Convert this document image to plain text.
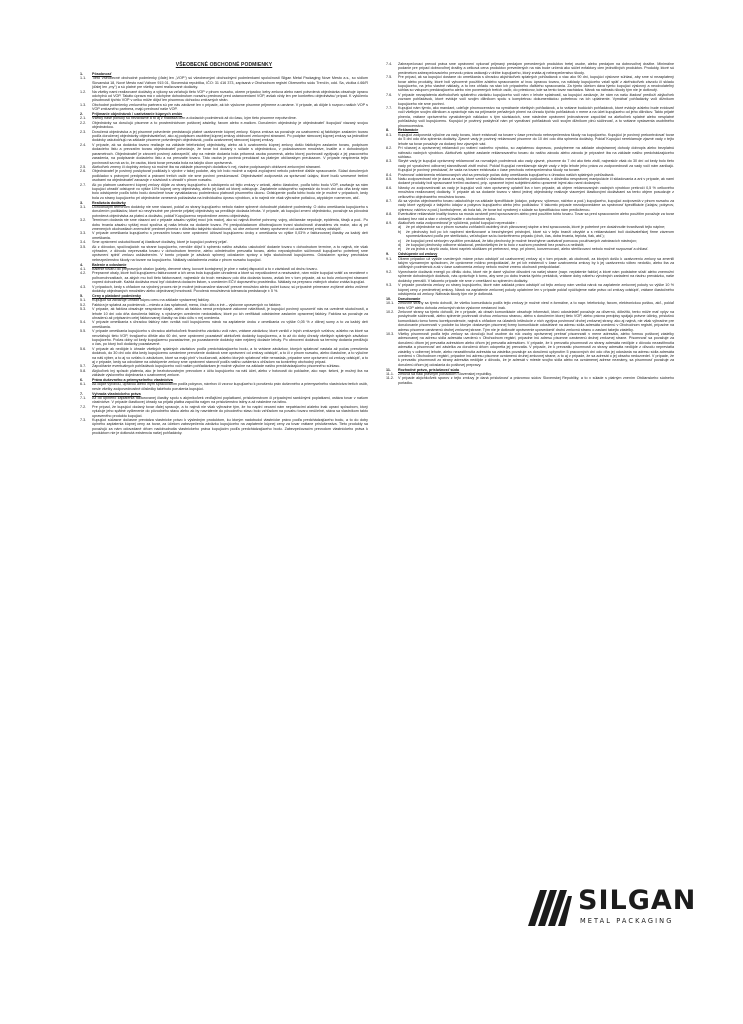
VŠEOBECNÉ OBCHODNÉ PODMIENKY
1.	Pôsobnosť
1.1.	Tieto Všeobecné obchodné podmienky (ďalej len „VOP“) sú všeobecnými obchodnými podmienkami spoločnosti Silgan Metal Packaging Nove Mesto a.s., so sídlom Slovanská 18, Nové Mesto nad Váhom 915 01, Slovenská republika, IČO: 31 416 373, zapísaná v Obchodnom registri Okresného súdu Trenčín, odd. Sa, vložka č.66/R (ďalej len „my“) a sú platné pre všetky nami realizované dodávky.
1.2.	Na všetky nami realizované dodávky a výkony sa vzťahujú tieto VOP v plnom rozsahu, okrem prípadov, keby zmluva alebo nami potvrdená objednávka obsahuje úpravu odchylnú od VOP. Takáto úprava má v odchylne dohodnutom rozsahu prednosť pred ustanoveniami VOP, avšak vždy len pre konkrétnu objednávku/ prípad. K vylúčeniu pôsobnosti týchto VOP v celku môže dôjsť len písomnou dohodou zmluvných strán.
1.3.	Obchodné podmienky zmluvného partnera sú pre nás záväzné len v prípade, ak ich výslovne písomne prijmeme a uznáme. V prípade, ak dôjde k rozporu našich VOP s VOP zmluvného partnera, majú prednosť naše VOP.
2.	Prijímanie objednávok / uzatváranie kúpnych zmlúv
2.1.	Všetky naše ponuky sú nezáväzné a to aj z hľadiska cien a dodacích podmienok až do času, kým tieto písomne nepotvrdíme.
2.2.	Objednávky sa doručujú písomne a to prostredníctvom poštovej zásielky, faxom alebo e-mailom. Doručením objednávky je objednávateľ /kupujúci/ viazaný svojou objednávkou.
2.3.	Doručená objednávka a jej písomné potvrdenie predstavujú platné uzatvorenie kúpnej zmluvy. Kúpna zmluva sa považuje za uzatvorenú aj faktickým zaslaním tovaru podľa doručenej objednávky objednávateľovi, ako aj podpisom osobitnej kúpnej zmluvy obidvomi zmluvnými stranami. Po podpise rámcovej kúpnej zmluvy sa jednotlivé dodávky uskutočňujú na základe písomne potvrdených objednávok, podľa uzatvorenej rámcovej kúpnej zmluvy.
2.4.	V prípade, ak sa dodávka tovaru realizuje na základe telefonickej objednávky, alebo ak k uzatvoreniu kúpnej zmluvy došlo faktickým zaslaním tovaru, podpisom dodacieho listu a prevzatím tovaru objednávateľ potvrdzuje, že tovar bol dodaný v súlade s objednávkou, v požadovanom množstve, kvalite a v dohodnutých parametroch. Objednávateľ je zároveň povinný zabezpečiť, aby na mieste dodania bola prítomná osoba poverená, alebo ktorej povinnosti vyplývajú z jej pracovného zaradenia, na podpisanie dodacieho listu a na prevzatie tovaru. Táto osoba je povinná preukázať sa platným občianskym preukazom. V prípade nesplnenia tejto povinnosti sa má za to, že osoba, ktorá tovar prevzala bola na takýto úkon oprávnená.
2.5.	Akékoľvek zmeny či doplnky zmluvy sú možné iba na základe písomných dodatkov k nej, riadne podpísaných obidvomi zmluvnými stranami.
2.6.	Objednávateľ je povinný poskytovať podklady k výrobe v takej podobe, aby ich bolo možné a najmä zvyčajnení nebolo potrebné ďalšie spracovanie. Súlad doručených podkladov s právnymi predpismi a právami tretích osôb nie sme povinní preskúmavať. Objednávateľ zodpovedá za správnosť údajov, ktoré budú vznesené tretími osobami na objednávateľ zavazuje v súvislosti s uhradiť v plnom rozsahu.
2.7.	Ak po platnom uzatvorení kúpnej zmluvy dôjde zo strany kupujúceho k odstúpeniu od tejto zmluvy v celosti, alebo čiastočne, podľa tohto bodu VOP, zaväzuje sa nám kupujúci uhradiť odstupné vo výške 10% kúpnej ceny objednávky, alebo jej časti od ktorej odstupuje. Zaplatenie odstupného najneskôr do troch dní odo dňa kedy nám bolo odstúpenie podľa tohto bodu doručené tovar vynakladanou podmienkou platnosti písomného úkonu. Odstúpenie podľa tohto bodu nie je možné v prípadoch, kedy bola zo strany kupujúceho pri objednávke vznesená požiadavka na individuálnu úpravu výrobkov, a to najmä nie však výhradne potlačou, atypickým rozmerom, atď..
3.	Realizácia dodávky
3.1.	Dohodnutým termínom dodávky nie sme viazaní, pokiaľ zo strany kupujúceho nebolo riadne splnené dohodnuté platobné podmienky. O dobu omeškania kupujúceho s doručením podkladov, ktoré sú nevyhnutné pre plnenie prijatej objednávky sa predlžuje dodacia lehota. V prípade, ak kupujúci zmení objednávku, považuje sa pôvodná potvrdená objednávka za platnú a dodávku, pokiaľ Kupujúcemu nepotvrdíme zmenu objednávky.
3.2.	Termínom dodania nie sme viazaní ani v prípade zásahu vyššej moci (vis maior), ako sú najmä živelné pohromy, vojny, občianske nepokoje, epidémia, štrajk a pod.. Po dobu trvania zásahu vyššej moci spočíva aj naša lehota na dodanie tovaru. Pri predpokladanom dlhotrvajúcom trvaní skutočností charakteru vis maior, ako aj pri zmenených okolnostiach znemožniť predmet plnenia v dôsledku takýchto skutočností, sú obe zmluvné strany oprávnené od uzatvorenej zmluvy odstúpiť.
3.3.	V prípade omeškania kupujúceho s prevzatím tovaru sme oprávnení účtovať kupujúcemu úroky z omeškania vo výške 0,03% z fakturovanej čiastky za každý deň omeškania.
3.4.	Sme oprávnení uskutočňovať aj čiastkové dodávky, ktoré je kupujúci povinný prijať.
3.5.	Ak z dôvodov, spočívajúcich na strane kupujúceho, nemôže dôjsť k splneniu našho záväzku uskutočniť dodanie tovaru v dohodnutom termíne, a to najmä, nie však výhradne, z dôvodu neprevzatia tovaru v dohodnutom termíne, alebo odmietnutím prevzatia tovaru, alebo neposkytnutím súčinnosti kupujúceho potrebnej sme oprávnení splniť zmluvu uskladnením. V tomto prípade je záväzok splnený odoslaním správy o tejto skutočnosti kupujúcemu. Odoslaním správy prechádza nebezpečenstvo škody na tovare na kupujúceho. Náklady uskladnenia znáša v plnom rozsahu kupujúci.
4.	Balenie a odoslanie
4.1.	Balenie tovaru do prepravných obalov (palety, drevené rámy, kovové kontajnery) je plne v našej dispozícii a to v závislosti od druhu tovaru.
4.2.	Prepravné obaly, ktoré boli kupujúcemu fakturované a ich cena bola kupujúcim uhradená a ktoré sú nepoškodené a nezávadné, nám môže kupujúci vrátiť za nevrátené v poľnomohnostiach, za akých mu boli tieto fakturované, najneskôr do troch mesiacov odo dňa dodania tovaru, avšak len v tom prípade, ak so bolo zmluvnými stranami vopred dohodnuté. Každá dodávka musí byť doložená dodacím listom, s uvedením EČV dopravného prostriedku. Náklady na prepravu vrátných obalov znáša kupujúci.
4.3.	V prípadoch, kedy s ohľadom na výrobný proces nie je možné jednoznačne stanoviť presné množstvo alebo počet kusov, sú prípustné primerane zvýšené alebo znížené dodávky objednaných množstiev alebo objednanej hmotnosti. Povolená množstevná tolerancia predstavuje ± 5 %.
5.	Ceny a platobné podmienky
5.1.	Kupujúci sa zaväzuje uhradiť kúpnu cenu na základe vystavenej faktúry.
5.2.	Faktúra je splatná za podmienok – miesto a čas splatnosti, mena, číslo účtu a iné – výslovne upravených vo faktúre.
5.3.	V prípade, ak faktúra obsahuje nesprávne údaje, alebo ak faktúra nemá predpísané zákonné náležitosti, je kupujúci povinný upozorniť nás na uvedené skutočnosti, a lehote 10 dní odo dňa doručenia faktúry, s výslovným uvedením nedostatkov, ktoré po ich verifikácii odstránime zaslaním opravenej faktúry. Faktúra sa považuje za uhradenú až pripisaním celej fakturovanej čiastky na číslo účtu v nej uvedenia.
5.4.	V prípade omeškania s úhradou faktúry nám vzniká voči kupujúcemu nárok na zaplatenie úroku z omeškania vo výške 0,05 % z dlžnej sumy a to za každý deň omeškania.
5.5.	V prípade omeškania kupujúceho s úhradou akéhokoľvek finančného záväzku voči nám, vrátane záväzkov, ktoré vznikli z iných zmluvných vzťahov, a/alebo na ktoré sa nevzťahujú tieto VOP, trvajúceho dlhšie ako 60 dní, sme oprávnení pozastaviť akékoľvek dodávky kupujúcemu, a to až do doby úhrady všetkých splatných záväzkov kupujúceho. Počas doby od kedy kupujúcemu pozastavíme, po pozastavenie dodávky nám nejdený dodacie lehoty. Po obnovení dodávok sa termíny dodania predlžujú o čas, po ktorý boli dodávky pozastavené.
5.6.	V prípade ak nedôjde k úhrade všetkých splatných záväzkov podľa predchádzajúceho bodu, a to vrátane záväzkov, ktorých splatnosť nastala až počas prerušenia dodávok, do 30 dní odo dňa kedy kupujúcemu oznámime prerušenie dodávok sme oprávnení od zmluvy odstúpiť, a to či v plnom rozsahu, alebo čiastočne, a to výlučne na náš výber, a to aj vo vzťahu k záväzkom, ktoré sa majú plniť v budúcnosti, a/alebo ktorých splatnosť ešte nenastala, prípadne sme oprávnení od zmluvy odstúpiť, a to aj v prípade, kedy sa odvoláme na odstúpenie zmluvy sme oprávnení stanoviť podľa našho uváženia s ohľadom na konkrétny obchodný prípad.
5.7.	Započítanie eventuálnych pohľadávok kupujúceho voči našim pohľadávkam je možné výlučne na základe našho predchádzajúceho písomného súhlasu.
5.8.	Akýkoľvek iný spôsob platenia, ako je bezhotovostným prevodom z účtu kupujúceho na náš účet, alebo v hotovosti do pokladne, ako napr. šekmi, je možný iba na základe výslovného dojednania v uzatvorenej zmluve.
6.	Práva duševného a priemyselného vlastníctva
6.1.	Ak dôjde výrobou, úpravou alebo iným spracovaním podľa pokynov, návrhov či vzorov kupujúceho k porušeniu práv duševného a priemyselného vlastníctva tretích osôb, nesie všetky zodpovednostné dôsledky takéhoto porušenia kupujúci.
7.	Vyhrada vlastníckeho práva
7.1.	Až do úplného zaplatenia fakturovanej čiastky spolu s akýmikoľvek vedľajšími poplatkami, príslušenstvom či prípadnými sankčnými poplatkami, ostáva tovar v našom vlastníctve. V prípade čiastkovej úhrady sa prijatá platba započíta najprv na príslušenstvo istiny a až následne na istinu.
7.2.	Pre prípad, že kupujúci dodaný tovar ďalej spracuje, a to najmä nie však výhradne tým, že ho naplní vecami nám nepatriacimi a/alebo inak upraví spôsobom, ktorý vylučuje jeho spätné vyčlenenie do pôvodného stavu alebo ak by navrátenie do pôvodného stavu bolo vzhľadom na povahu tovaru neúčelné, stáva sa vlastníkom takto upraveného produktu kupujúci.
7.3.	Kupujúci súčasne dočasne prevádza vlastnícke právo k výsledným produktom, ku ktorým nadobudol vlastnícke právo podľa predchádzajúceho bodu, a to do doby úplného zaplatenia kúpnej ceny za tovar, za účelom zabezpečenia záväzku kupujúceho na zaplatenie kúpnej ceny za tovar vrátane príslušenstva. Tieto produkty sa považujú za nám odovzdané dňom nadobudnutia vlastníckeho práva kupujúcim podľa predchádzajúceho bodu. Zabezpečovacím prevodom vlastníckeho práva k produktom nie je dotknutá existencia našej pohľadávky.
7.4.	Zabezpečovací prevod práva sme oprávnení vykonať prijmaný predajom prevedených produktov tretej osobe, alebo predajom na dobrovoľnej dražbe. Minimálne podanie pre prípad dobrovoľnej dražby a celková cena produktov prevedených na nás bude určená ako súčet exfaktory cien jednotlivých produktov. Produkty, ktoré sú predmetom zabezpečovacieho prevodu práva ostávajú v držbe kupujúceho, ktorý znáša aj nebezpečenstvo škody.
7.5.	Pre prípad, ak sa kupujúci dostane do omeškania s úhradou akýchkoľvek splatných pohľadávok o viac ako 90 dní, kupujúci výslovne súhlasí, aby sme si nezaplatený tovar alebo produkty, ktoré boli vytvorené použitím a/alebo spracovaním a/ inou úpravou tovaru, na náklady kupujúceho vziali späť z akéhokoľvek závodu či skladu kupujúceho, na jeho vlastné náklady, a to bez ohľadu na stav ich prípadného ďalšieho spracovania. Za týmto účelom dáva týmto kupujúci výslovný a neodvolateľný súhlas so vstupom predávajúceho alebo ním poverených tretích osôb, do priestorov, kde sa tento tovar nachádza. Nárok na náhradu škody tým nie je dotknutý.
7.6.	V prípade nezaplatenia akéhokoľvek splatného záväzku kupujúceho voči nám v lehote splatnosti, sa kupujúci zaväzuje, že nám na našu žiadosť predloží akýkoľvek zoznam pohľadávok, ktoré eviduje voči svojim dlžníkom spolu s kompletnou dokumentáciou potrebnou na ich uplatnenie. Vymáhať pohľadávky voči dlžníkom kupujúceho nie sme povinní.
7.7.	Kupujúci nám týmto, ako mandant, udeľuje plnomocenstvo na vymáhanie všetkých pohľadávok, a to vrátane budúcich pohľadávok, ktoré eviduje a/alebo bude evidovať voči všetkým svojim dlžníkom a oprávňuje nás na prijímanie peňažných plnení na úhradu týchto pohľadávok v mene a na účet kupujúceho od jeho dlžníkov. Takto prijaté plnenia, vrátane opráveného vynaložených nákladov s tým súvisiacich, sme následne oprávnení jednostranne započítať na akékoľvek splatné alebo nesplatné pohľadávky voči kupujúcemu. Kupujúci je povinný poskytnúť nám pri vymáhaní pohľadávok voči svojim dlžníkom plnú súčinnosť, a to vrátane vystavenia osobitného plnomocenstva.
8.	Reklamácie
8.1.	Kupujúci zodpovedá výlučne za vady tovaru, ktoré existovali na tovare v čase prechodu nebezpečenstva škody na kupujúceho. Kupujúci je povinný prekontrolovať tovar do 5 dní odo dňa splnenia dodávky. Zjavné vady je povinný reklamovať písomne do 10 dní odo dňa splnenia dodávky. Pokiaľ Kupujúci nereklamuje zjavné vady v tejto lehote sa tovar považuje za dodaný bez zjavných vád.
8.2.	Pri včasnej a oprávnenej reklamácii po vrátení vadného výrobku, so zaplatenou dopravou, poskytneme na základe obojstrannej dohody dobropis alebo bezplatnú náhradu vadných výrobkov. Akékoľvek spätné zaslanie reklamovaného tovaru do našho závodu alebo závodu je prípustné iba na základe našho predchádzajúceho súhlasu.
8.3.	Skryté vady je kupujúci oprávnený reklamovať za rovnakých podmienok ako vady zjavné, písomne do 7 dní ako tieto zistil, najneskôr však do 30 dní od kedy bolo tieto vady pri vynaložení odbornej starostlivosti zistiť mohol. Pokiaľ Kupujúci nereklamuje skryté vady v tejto lehote jeho práva zo zodpovednosti za vady voči nám zanikajú. Kupujúci je povinný preukázať, že vada na tovare existovala v čase prechodu nebezpečenstva škody na tovare.
8.4.	Povinnosť odstránenia reklamovaných vád sa prerušuje počas doby omeškania kupujúceho s úhradou našich splatných pohľadávok.
8.5.	Našu zodpovednosť nie je daná za vady, ktoré vznikli v dôsledku mechanického poškodenia, v dôsledku nesprávnej manipulácie či skladovania a ani v prípade, ak nami dodané produkty boli spracované tretími osobami, prip. opravené inými subjektmi alebo upravené inými ako nami dodanými.
8.6.	Nároky zo zodpovednosti za vady je kupujúci voči nám oprávnený uplatniť iba v tom prípade, ak objem reklamovaných vadných výrobkov prekročí 0,5 % celkového množstva realizovanej dodávky. V prípade ak sa dodanie tovaru v rámci jednej objednávky realizuje viacerými čiastkovými dodávkami sa tento objem posudzuje z celkového objednaného množstva tovaru.
8.7.	Ak sa výroba objednaného tovaru uskutočňuje na základe špecifikácie (údajov, pokynov, výkresov, náčrtov a pod.) kupujúceho, kupujúci zodpovedá v plnom rozsahu za vady ktoré vyplývajú z takýchto údajov a pokynov kupujúceho alebo jeho podkladov. V takomto prípade nezodpovedáme za správnosť špecifikácie (údajov, pokynov, výkresov, náčrtov a pod.) kontrolujeme, ak bola tak, že tovar bol vyrobený v súlade so špecifikáciou nám predloženou.
8.8.	Eventuálne reklamácie kvality tovaru sa musia oznámiť pred spracovaním alebo pred použitím tohto tovaru. Tovar sa pred spracovaním alebo použitím považuje za tovar dodaný bez vád a stav v ohnivej kvalite v obchodnom styku.
8.9.	Akákoľvek naša zodpovednosť je vylúčená, pokiaľ kupujúci nepreukáže :
a)	že pri objednávke sa v plnom rozsahu zohľadnili osobitný druh plánovanej náplne a test spracovania, ktoré je potrebné pre dosiahnutie trvanlivosti tejto náplne;
b)	že plechovky boli po ich naplnení sterilizované a bezchybnými prístrojmi, ktoré sú v tejto branži obvyklé a s reklamáciami boli dodávateľskej firme záverom spomedzikovaní podľa pre sterilizáciu, vzťahujúce sa ku konkrétnemu prípadu (druh, čas, doba trvania, teplota, tlak, atď.);
c)	že kupujúci pred sériovým využitím preukázal, že táto plechovky je možné bezchybne uzatvárať pomocou používaných zatváracích nástrojov;
d)	že kupujúci plechovky odborne skladoval, predovšetkým že to bolo v suchom prostredí bez prachu a nečistôt;
e)	že za jedná o skrytú vadu, ktorú napriek skúškam pri preberaní, resp. pri plnení, konzervovaní, alebo sterilizovaní nebolo možné rozpoznať a chliasť.
9.	Odstúpenie od zmluvy
9.1.	Okrem prípadov už vyššie uvedených máme právo odstúpiť od uzatvorenej zmluvy aj v tom prípade, ak okolnosti, za ktorých došlo k uzatvoreniu zmluvy sa zmenili takým významným spôsobom, že oprávnene môžno predpokladať, že pri ich existencii v čase uzatvorenia zmluvy by k jej uzatvoreniu vôbec nedošlo, alebo iba za odlišných podmienok a ak v čase uzatvorenia zmluvy nebolo možné zmenu okolností predpokladať.
9.2.	Vynechanie dodávok energií po dlhšiu dobu, ktoré nie je dané výlučne dôvodmi na našej strane (napr. neplatenie faktúr) a ktoré nám podstatne sťaží alebo znemožní splnenie dohodnutých dodávok, nás oprávňuje k tomu, aby sme po dobu trvania týchto prekážok, vrátane doby nábehu výrobných zariadení na riadnu prevádzku, naše dodávky prerušili. V takomto prípade nie sme v omeškaní so splnením dodávky.
9.3.	V prípade porušenia zmluvy zo strany kupujúceho, ktoré nám zakladá právo odstúpiť od tejto zmluvy nám vzniká nárok na zaplatenie zmluvnej pokuty vo výške 10 % kúpnej ceny z predmetnej zmluvy. Nárok na zaplatenie zmluvnej pokuty uplatníme len v prípade pokiaľ vyúčtujeme naše právo od zmluvy odstúpiť, vrátane čiastočného odstúpenia od zmluvy. Náhrada škody tým nie je dotknutá.
10.	Doručovanie
10.1.	Zmluvné strany sa týmto dohodli, že všetku komunikáciu podľa tejto zmluvy je možné viesť e-formálne, a to napr. telefonicky, faxom, elektronickou poštou, atď., pokiaľ tieto VOP alebo dohoda zmluvných strán výslovne nestanoví inak.
10.2.	Zmluvné strany sa týmto dohodli, že v prípade, ak obsah komunikácie obsahuje informácii, ktorú odosielateľ považuje za dôvernú, dôležitú, tento môže mať vplyv na poskytnutie súčinnosti, alebo splnenie povinnosti druhou zmluvnou stranou, alebo s doručením ktorej tieto VOP, alebo právna predpisy spájajú právne účinky, príslušnú komunikáciu tomu formu korešpondencie, najmä s ohľadom na účastník inštrukcie z nich vyplýva povinnosť druhej zmluvnej strany, ako aj najmä, nie však výhradne pre doručovanie písomností v podobe ku ktorým dostavným písomnej formy komunikácie odosielané na adresu sídla adresáta uvedenú v Obchodnom registri, prípadne na adresu písomne oznámenú druhej zmluvnej strane. Tým nie je dotknuté oprávnenie upovedomiť druhú zmluvnú stranu o zaslaní takejto zásielky.
10.3.	Všetky písomnosti podľa tejto zmluvy sa doručujú buď osobne do rúk osoby oprávnenej prebrať písomnosti v mene adresáta, alebo formou poštovej zásielky adresovanej na adresu sídla adresáta uvedenú v Obchodnom registri, prípadne inú adresu písomne oznámenú druhej zmluvnej strane. Písomnosť sa považuje za doručenú dňom jej prevzatia adresátom alebo dňom jej prevzatia adresátom. V prípade, že k prevzatiu písomnosti zo strany adresáta nedôjde z dôvodu nezastihnutia adresáta a písomnosť ani zásielka za doručenú dňom odopretia jej prevzatia. V prípade, že k prevzatiu písomnosti zo strany adresáta nedôjde z dôvodu nepreviatia zásielky v odbernej lehote, alebo nezastihnutia adresáta sa zásielka považuje za doručenú uplynutím 5 pracovných dní odo dňa jej odoslania na adresu sídla adresáta uvedenú v Obchodnom registri, prípadne inú adresu písomne oznámenú druhej zmluvnej strane, a to aj v prípade, že sa adresát o jej obsahu nedozvedel. V prípade, že k prevzatiu písomnosti zo strany adresáta nedôjde z dôvodu, že je adresát v mieste svojho sídla alebo na oznámenej adrese neznámy, sa písomnosť považuje za doručenú dňom jej odoslania do poštovej prepravy.
11.	Rozhodné právo, príslušnosť súdu
11.1.	Zmluva sa riadi právnym poriadkom Slovenskej republiky.
11.2.	V prípade akýchkoľvek sporov z tejto zmluvy je daná príslušnosť a právomoc súdov Slovenskej Republiky, a to v súlade s platným znením Občianskeho súdneho poriadku.
SILGAN
METAL PACKAGING
